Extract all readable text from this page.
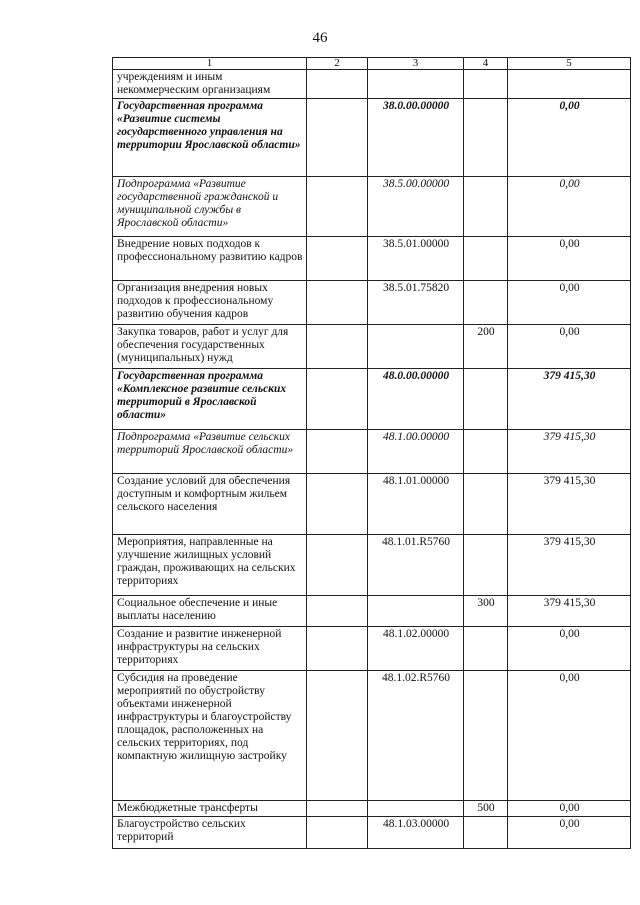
46
1	2	3	4	5
учреждениям и иным некоммерческим организациям				
Государственная программа «Развитие системы государственного управления на территории Ярославской области»		38.0.00.00000		0,00
Подпрограмма «Развитие государственной гражданской и муниципальной службы в Ярославской области»		38.5.00.00000		0,00
Внедрение новых подходов к профессиональному развитию кадров		38.5.01.00000		0,00
Организация внедрения новых подходов к профессиональному развитию обучения кадров		38.5.01.75820		0,00
Закупка товаров, работ и услуг для обеспечения государственных (муниципальных) нужд			200	0,00
Государственная программа «Комплексное развитие сельских территорий в Ярославской области»		48.0.00.00000		379 415,30
Подпрограмма «Развитие сельских территорий Ярославской области»		48.1.00.00000		379 415,30
Создание условий для обеспечения доступным и комфортным жильем сельского населения		48.1.01.00000		379 415,30
Мероприятия, направленные на улучшение жилищных условий граждан, проживающих на сельских территориях		48.1.01.R5760		379 415,30
Социальное обеспечение и иные выплаты населению			300	379 415,30
Создание и развитие инженерной инфраструктуры на сельских территориях		48.1.02.00000		0,00
Субсидия на проведение мероприятий по обустройству объектами инженерной инфраструктуры и благоустройству площадок, расположенных на сельских территориях, под компактную жилищную застройку		48.1.02.R5760		0,00
Межбюджетные трансферты			500	0,00
Благоустройство сельских территорий		48.1.03.00000		0,00
